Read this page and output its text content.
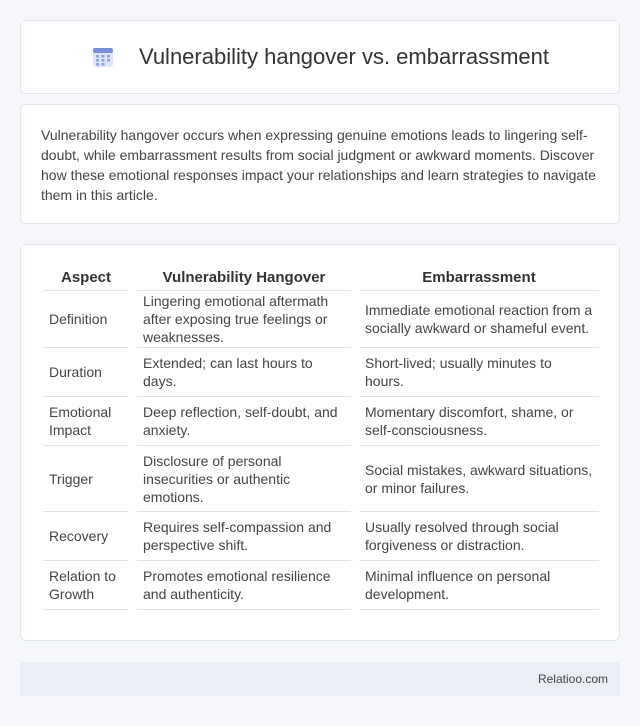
Vulnerability hangover vs. embarrassment

Vulnerability hangover occurs when expressing genuine emotions leads to lingering self-doubt, while embarrassment results from social judgment or awkward moments. Discover how these emotional responses impact your relationships and learn strategies to navigate them in this article.

Aspect	Vulnerability Hangover	Embarrassment
Definition	Lingering emotional aftermath after exposing true feelings or weaknesses.	Immediate emotional reaction from a socially awkward or shameful event.
Duration	Extended; can last hours to days.	Short-lived; usually minutes to hours.
Emotional Impact	Deep reflection, self-doubt, and anxiety.	Momentary discomfort, shame, or self-consciousness.
Trigger	Disclosure of personal insecurities or authentic emotions.	Social mistakes, awkward situations, or minor failures.
Recovery	Requires self-compassion and perspective shift.	Usually resolved through social forgiveness or distraction.
Relation to Growth	Promotes emotional resilience and authenticity.	Minimal influence on personal development.
Relatioo.com
